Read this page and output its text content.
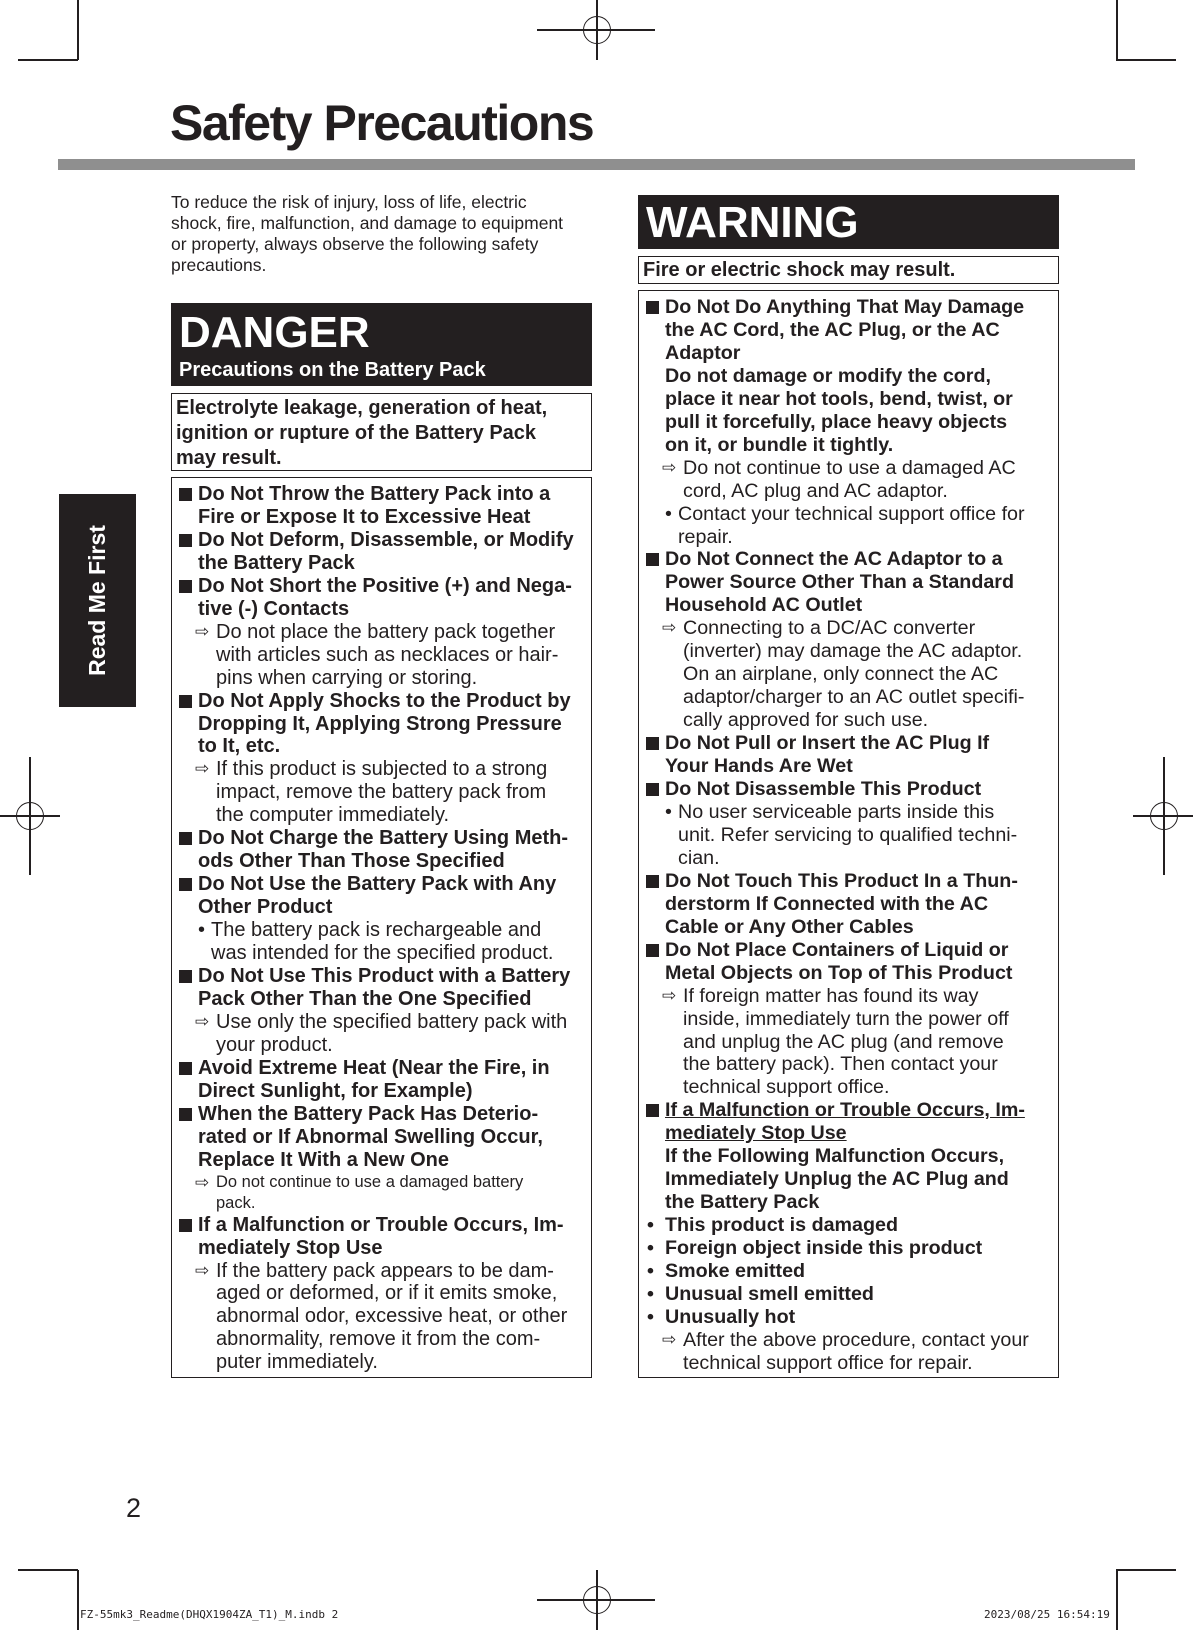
Safety Precautions
Read Me First

To reduce the risk of injury, loss of life, electric
shock, fire, malfunction, and damage to equipment
or property, always observe the following safety
precautions.

DANGER
Precautions on the Battery Pack
Electrolyte leakage, generation of heat,
ignition or rupture of the Battery Pack
may result.
Do Not Throw the Battery Pack into a
Fire or Expose It to Excessive Heat
Do Not Deform, Disassemble, or Modify
the Battery Pack
Do Not Short the Positive (+) and Nega-
tive (-) Contacts
⇨ Do not place the battery pack together
with articles such as necklaces or hair-
pins when carrying or storing.
Do Not Apply Shocks to the Product by
Dropping It, Applying Strong Pressure
to It, etc.
⇨ If this product is subjected to a strong
impact, remove the battery pack from
the computer immediately.
Do Not Charge the Battery Using Meth-
ods Other Than Those Specified
Do Not Use the Battery Pack with Any
Other Product
• The battery pack is rechargeable and
was intended for the specified product.
Do Not Use This Product with a Battery
Pack Other Than the One Specified
⇨ Use only the specified battery pack with
your product.
Avoid Extreme Heat (Near the Fire, in
Direct Sunlight, for Example)
When the Battery Pack Has Deterio-
rated or If Abnormal Swelling Occur,
Replace It With a New One
⇨ Do not continue to use a damaged battery
pack.
If a Malfunction or Trouble Occurs, Im-
mediately Stop Use
⇨ If the battery pack appears to be dam-
aged or deformed, or if it emits smoke,
abnormal odor, excessive heat, or other
abnormality, remove it from the com-
puter immediately.
WARNING
Fire or electric shock may result.
Do Not Do Anything That May Damage
the AC Cord, the AC Plug, or the AC
Adaptor
Do not damage or modify the cord,
place it near hot tools, bend, twist, or
pull it forcefully, place heavy objects
on it, or bundle it tightly.
⇨ Do not continue to use a damaged AC
cord, AC plug and AC adaptor.
• Contact your technical support office for
repair.
Do Not Connect the AC Adaptor to a
Power Source Other Than a Standard
Household AC Outlet
⇨ Connecting to a DC/AC converter
(inverter) may damage the AC adaptor.
On an airplane, only connect the AC
adaptor/charger to an AC outlet specifi-
cally approved for such use.
Do Not Pull or Insert the AC Plug If
Your Hands Are Wet
Do Not Disassemble This Product
• No user serviceable parts inside this
unit. Refer servicing to qualified techni-
cian.
Do Not Touch This Product In a Thun-
derstorm If Connected with the AC
Cable or Any Other Cables
Do Not Place Containers of Liquid or
Metal Objects on Top of This Product
⇨ If foreign matter has found its way
inside, immediately turn the power off
and unplug the AC plug (and remove
the battery pack). Then contact your
technical support office.
If a Malfunction or Trouble Occurs, Im-
mediately Stop Use
If the Following Malfunction Occurs,
Immediately Unplug the AC Plug and
the Battery Pack
• This product is damaged
• Foreign object inside this product
• Smoke emitted
• Unusual smell emitted
• Unusually hot
⇨ After the above procedure, contact your
technical support office for repair.
2
FZ-55mk3_Readme(DHQX1904ZA_T1)_M.indb 2	2023/08/25 16:54:19
